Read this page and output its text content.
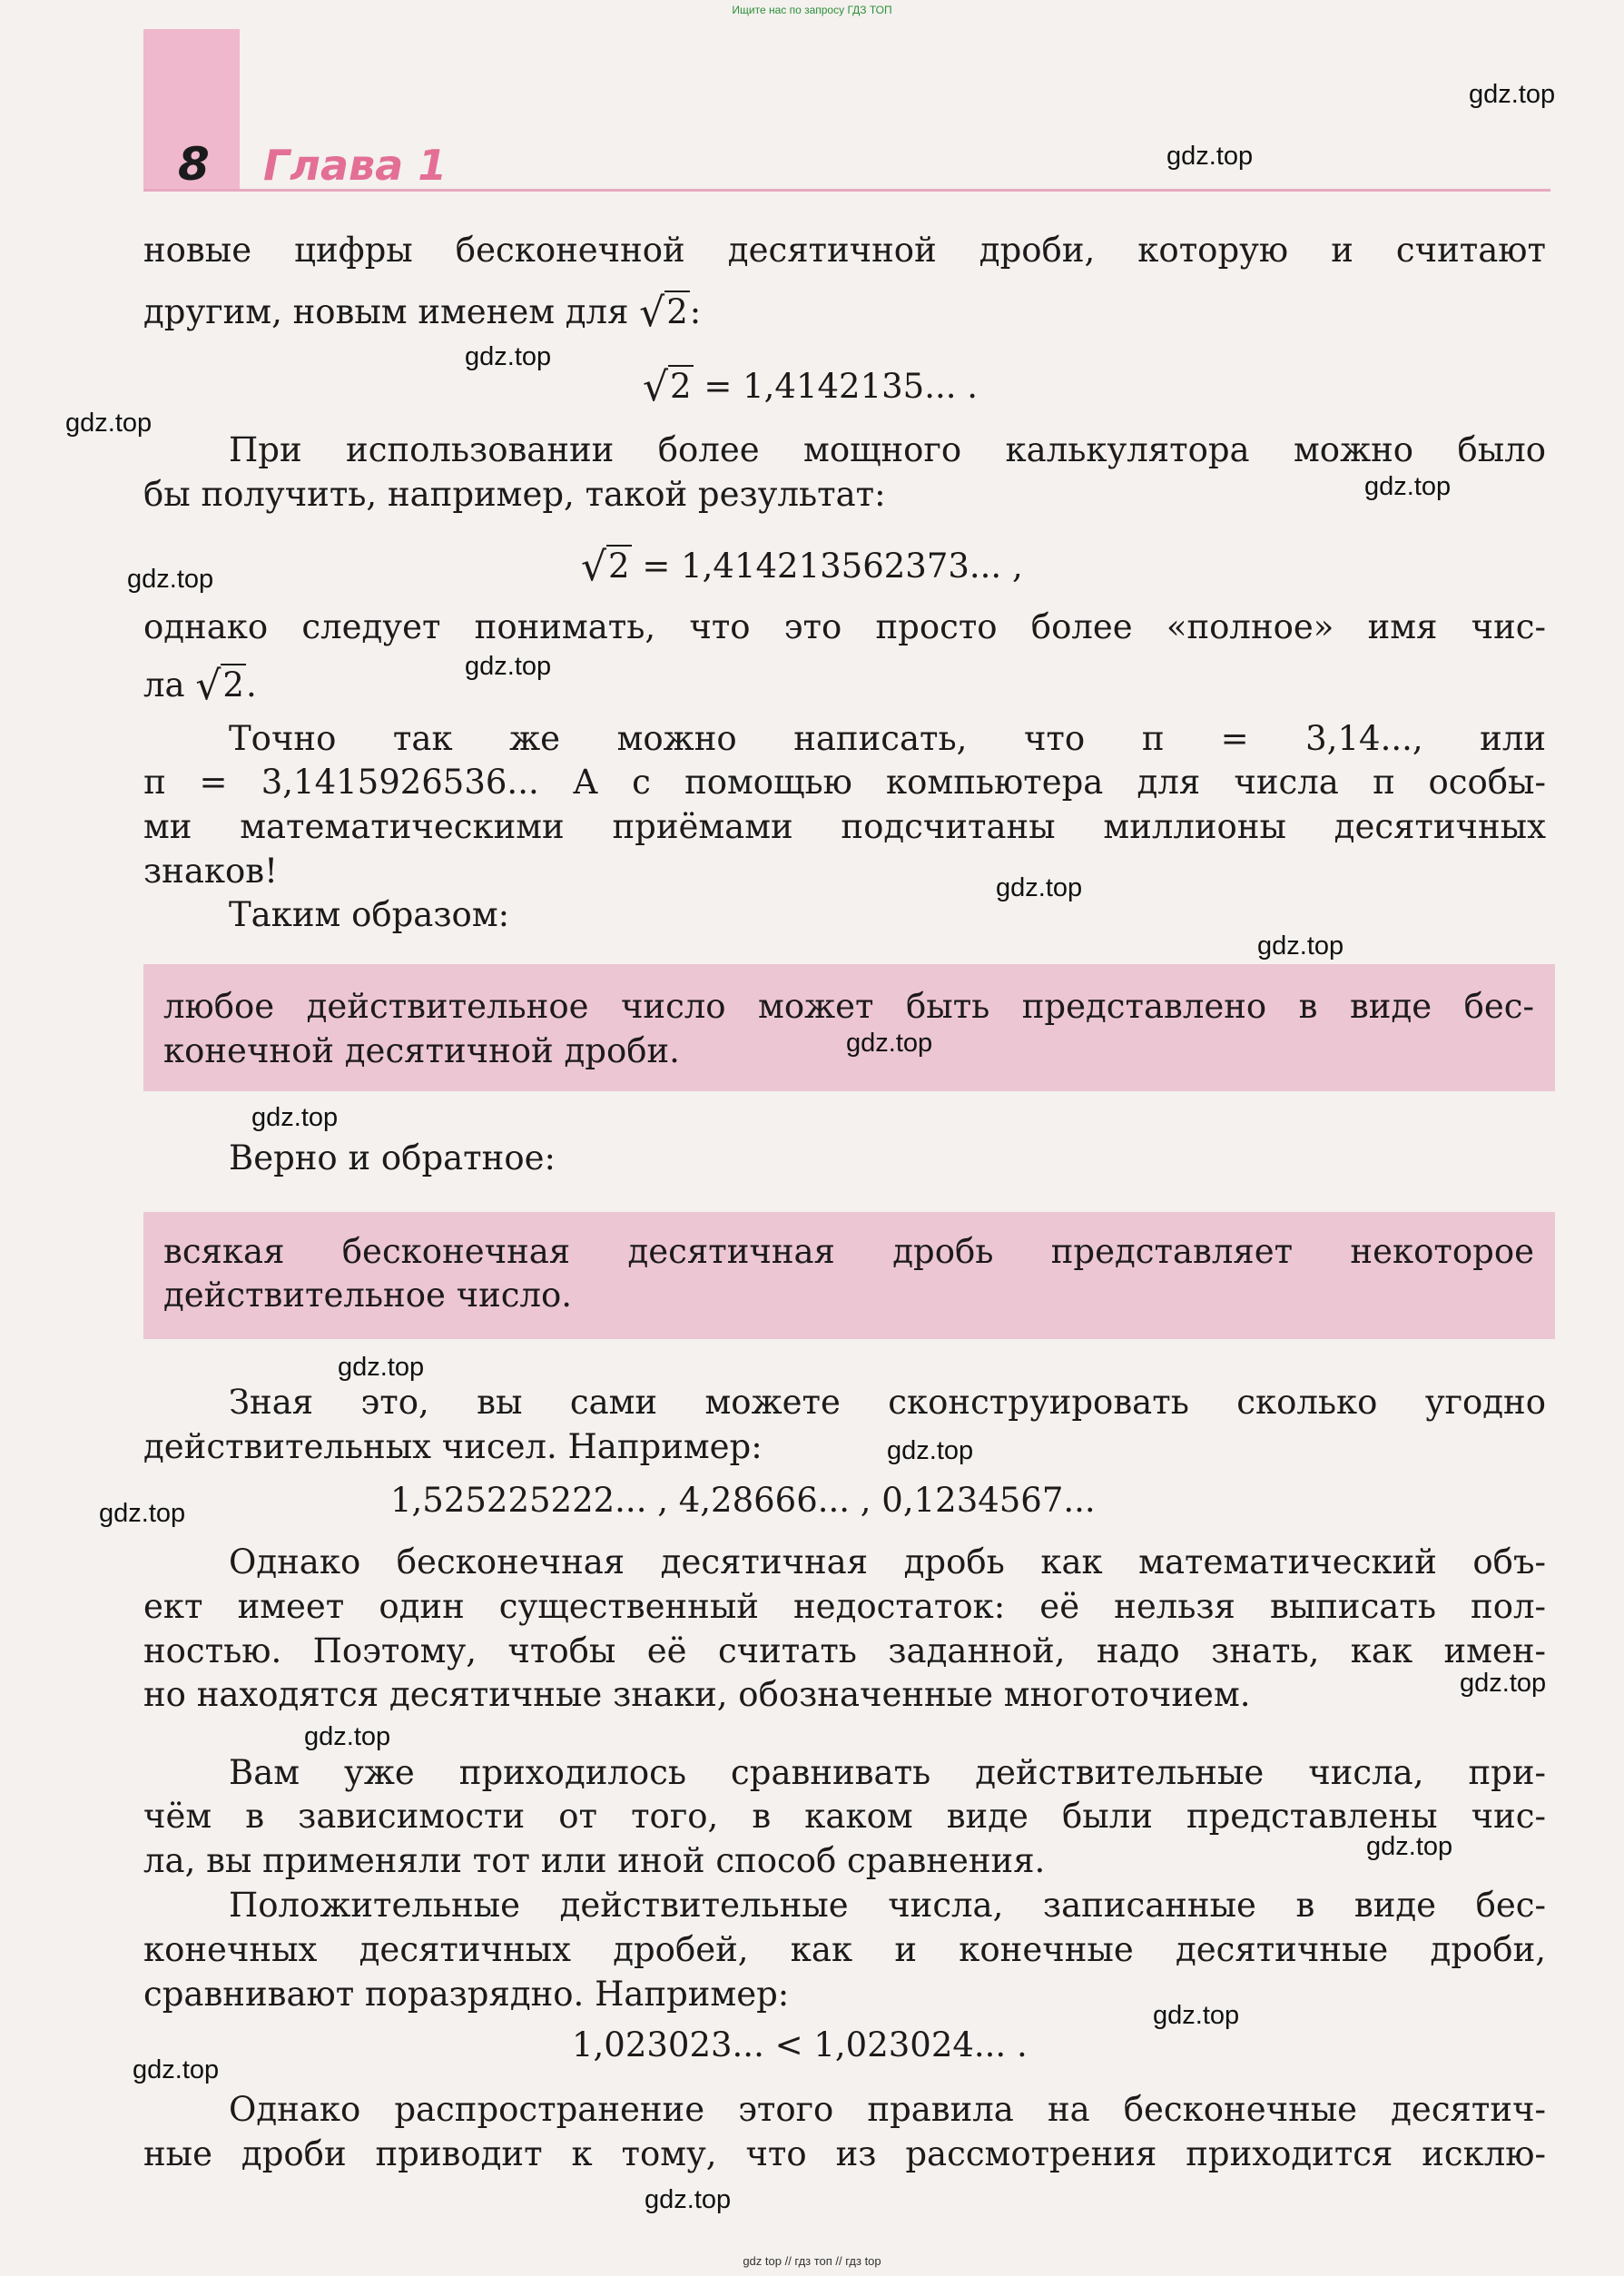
Ищите нас по запросу ГДЗ ТОП
8 Глава 1
новые цифры бесконечной десятичной дроби, которую и считают
другим, новым именем для √2:
√2 = 1,4142135... .
При использовании более мощного калькулятора можно было
бы получить, например, такой результат:
√2 = 1,414213562373... ,
однако следует понимать, что это просто более «полное» имя чис-
ла √2.
Точно так же можно написать, что π = 3,14..., или
π = 3,1415926536... А с помощью компьютера для числа π особы-
ми математическими приёмами подсчитаны миллионы десятичных
знаков!
Таким образом:
любое действительное число может быть представлено в виде бес-
конечной десятичной дроби.
Верно и обратное:
всякая бесконечная десятичная дробь представляет некоторое
действительное число.
Зная это, вы сами можете сконструировать сколько угодно
действительных чисел. Например:
1,525225222... , 4,28666... , 0,1234567...
Однако бесконечная десятичная дробь как математический объ-
ект имеет один существенный недостаток: её нельзя выписать пол-
ностью. Поэтому, чтобы её считать заданной, надо знать, как имен-
но находятся десятичные знаки, обозначенные многоточием.
Вам уже приходилось сравнивать действительные числа, при-
чём в зависимости от того, в каком виде были представлены чис-
ла, вы применяли тот или иной способ сравнения.
Положительные действительные числа, записанные в виде бес-
конечных десятичных дробей, как и конечные десятичные дроби,
сравнивают поразрядно. Например:
1,023023... < 1,023024... .
Однако распространение этого правила на бесконечные десятич-
ные дроби приводит к тому, что из рассмотрения приходится исклю-
gdz.top
gdz.top
gdz.top
gdz.top
gdz.top
gdz.top
gdz.top
gdz.top
gdz.top
gdz.top
gdz.top
gdz.top
gdz.top
gdz.top
gdz.top
gdz.top
gdz.top
gdz.top
gdz.top
gdz.top
gdz top // гдз топ // гдз top
